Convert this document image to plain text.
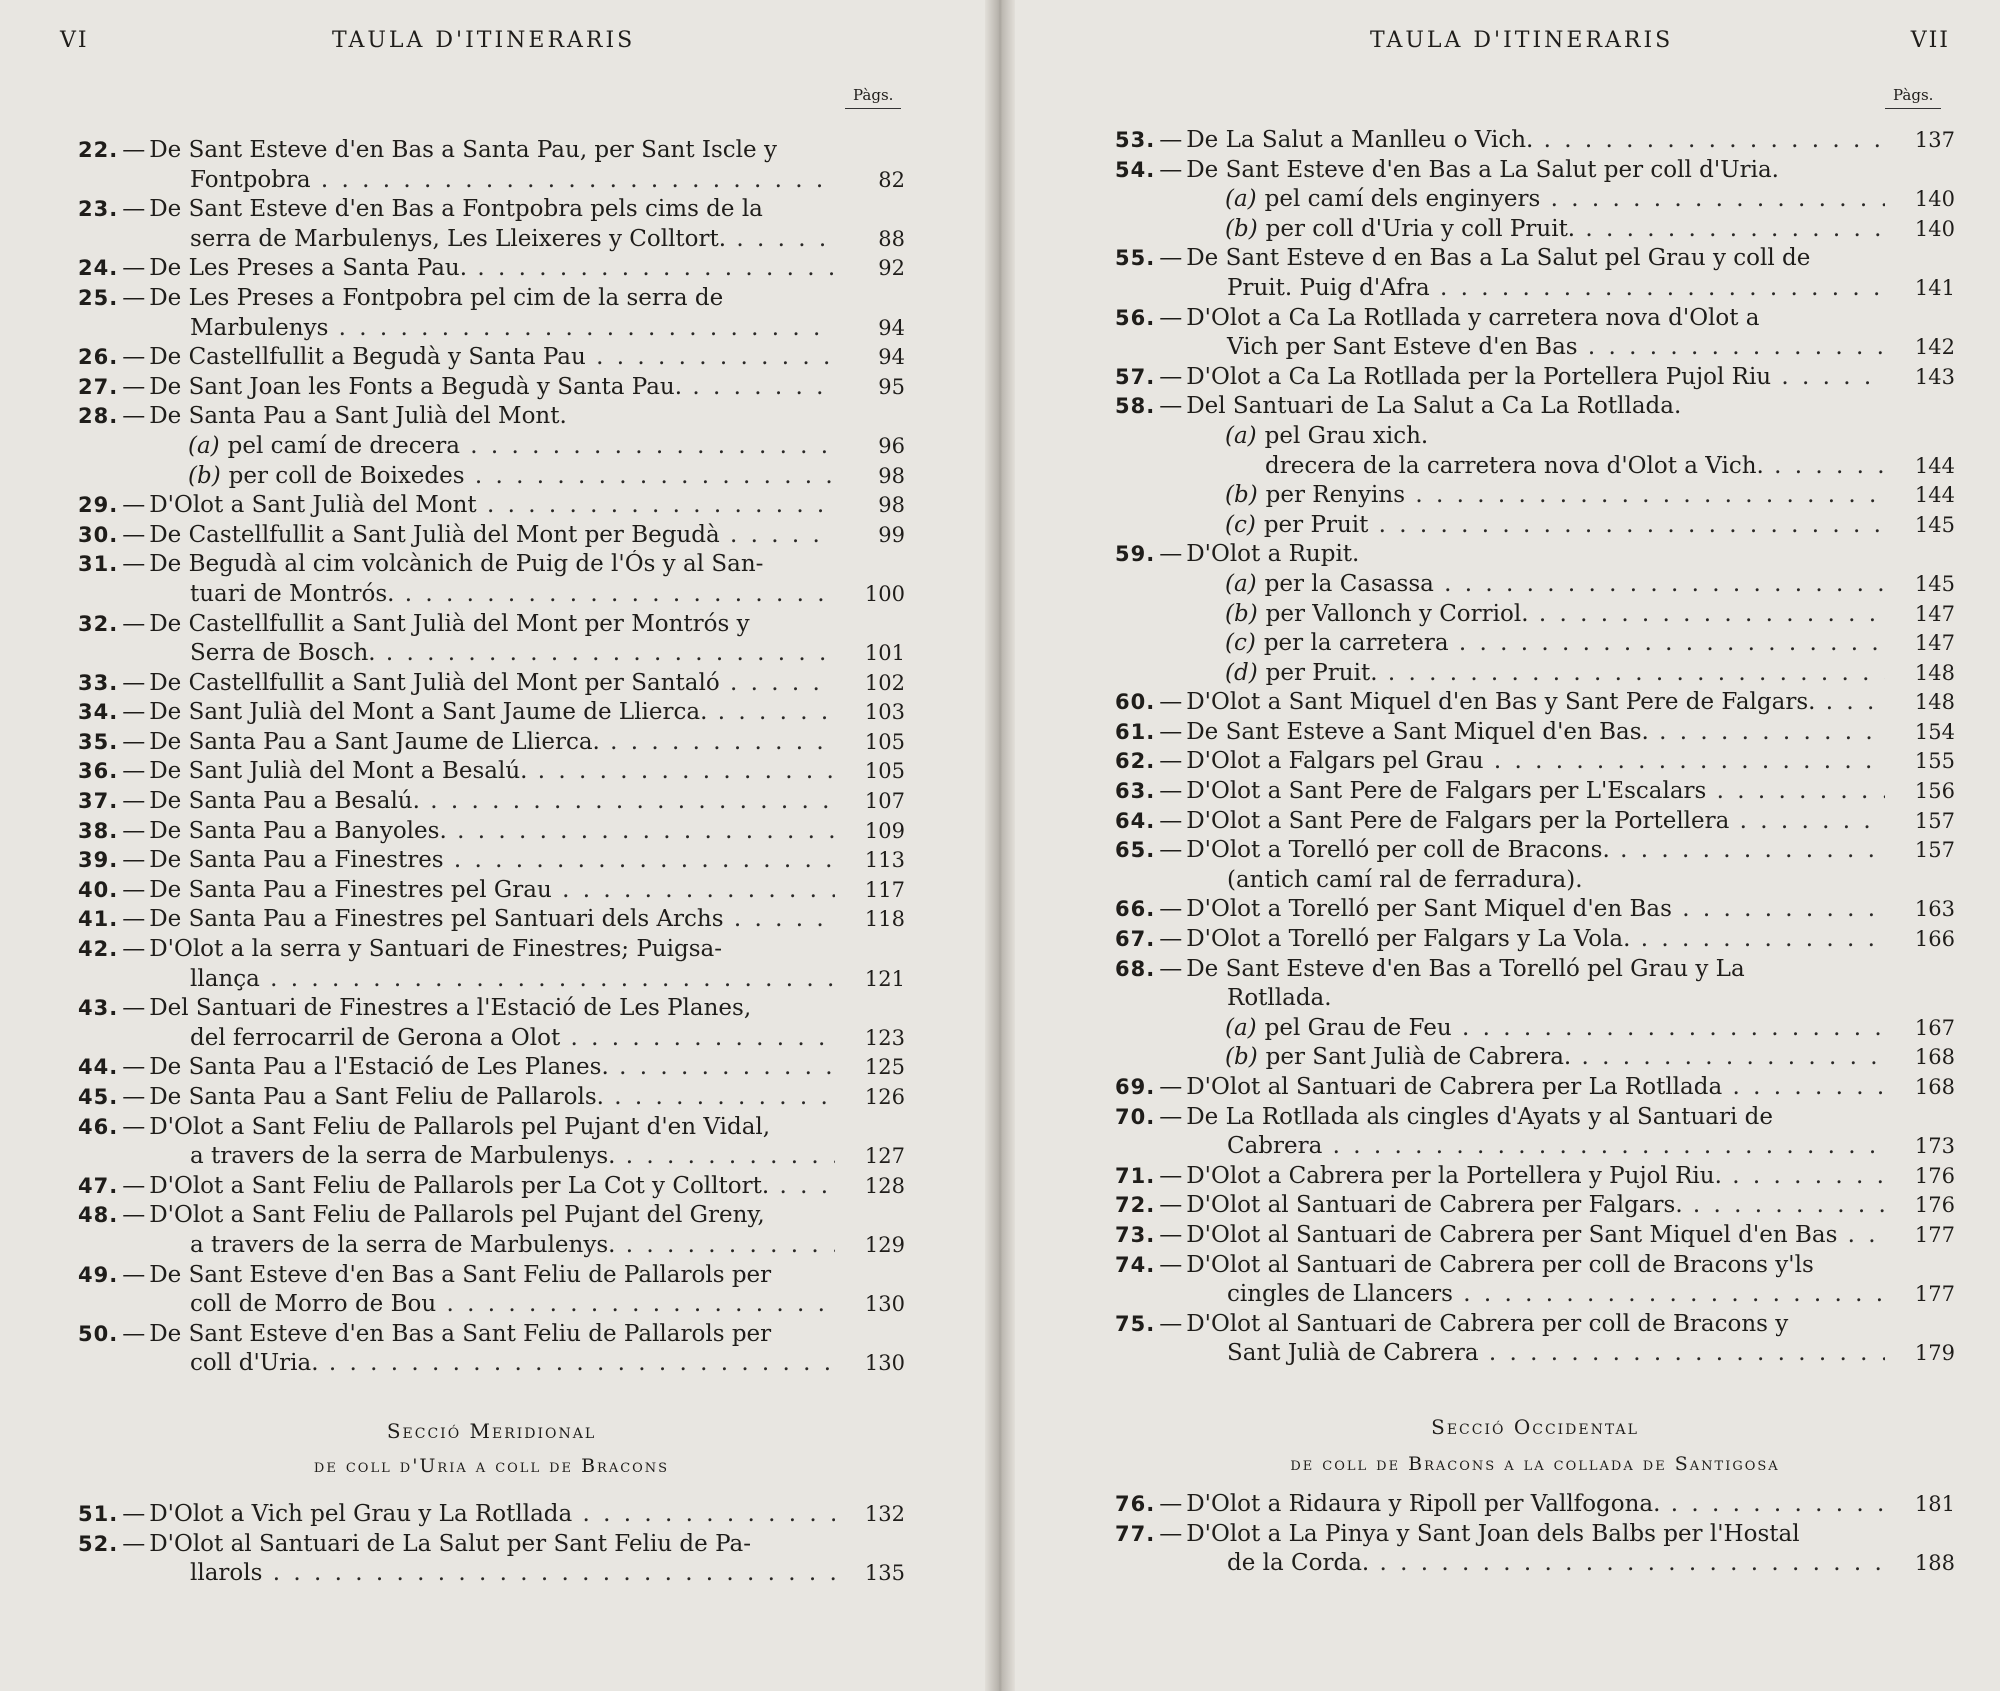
VI	TAULA D'ITINERARIS
Pàgs.
22. — De Sant Esteve d'en Bas a Santa Pau, per Sant Iscle y
Fontpobra	82
. . .
23. — De Sant Esteve d'en Bas a Fontpobra pels cims de la
serra de Marbulenys, Les Lleixeres y Colltort.	88
. . .
24. — De Les Preses a Santa Pau.	92
. . .
25. — De Les Preses a Fontpobra pel cim de la serra de
Marbulenys	94
. . .
26. — De Castellfullit a Begudà y Santa Pau	94
. . .
27. — De Sant Joan les Fonts a Begudà y Santa Pau.	95
. . .
28. — De Santa Pau a Sant Julià del Mont.
(a) pel camí de drecera	96
. . .
(b) per coll de Boixedes	98
. . .
29. — D'Olot a Sant Julià del Mont	98
. . .
30. — De Castellfullit a Sant Julià del Mont per Begudà	99
. . .
31. — De Begudà al cim volcànich de Puig de l'Ós y al San-
tuari de Montrós.	100
. . .
32. — De Castellfullit a Sant Julià del Mont per Montrós y
Serra de Bosch.	101
. . .
33. — De Castellfullit a Sant Julià del Mont per Santaló	102
. . .
34. — De Sant Julià del Mont a Sant Jaume de Llierca.	103
. . .
35. — De Santa Pau a Sant Jaume de Llierca.	105
. . .
36. — De Sant Julià del Mont a Besalú.	105
. . .
37. — De Santa Pau a Besalú.	107
. . .
38. — De Santa Pau a Banyoles.	109
. . .
39. — De Santa Pau a Finestres	113
. . .
40. — De Santa Pau a Finestres pel Grau	117
. . .
41. — De Santa Pau a Finestres pel Santuari dels Archs	118
. . .
42. — D'Olot a la serra y Santuari de Finestres; Puigsa-
llança	121
. . .
43. — Del Santuari de Finestres a l'Estació de Les Planes,
del ferrocarril de Gerona a Olot	123
. . .
44. — De Santa Pau a l'Estació de Les Planes.	125
. . .
45. — De Santa Pau a Sant Feliu de Pallarols.	126
. . .
46. — D'Olot a Sant Feliu de Pallarols pel Pujant d'en Vidal,
a travers de la serra de Marbulenys.	127
. . .
47. — D'Olot a Sant Feliu de Pallarols per La Cot y Colltort.	128
. . .
48. — D'Olot a Sant Feliu de Pallarols pel Pujant del Greny,
a travers de la serra de Marbulenys.	129
. . .
49. — De Sant Esteve d'en Bas a Sant Feliu de Pallarols per
coll de Morro de Bou	130
. . .
50. — De Sant Esteve d'en Bas a Sant Feliu de Pallarols per
coll d'Uria.	130
. . .
Secció Meridional
de coll d'Uria a coll de Bracons
51. — D'Olot a Vich pel Grau y La Rotllada	132
. . .
52. — D'Olot al Santuari de La Salut per Sant Feliu de Pa-
llarols	135
. . .
TAULA D'ITINERARIS	VII
Pàgs.
53. — De La Salut a Manlleu o Vich.	137
. . .
54. — De Sant Esteve d'en Bas a La Salut per coll d'Uria.
(a) pel camí dels enginyers	140
. . .
(b) per coll d'Uria y coll Pruit.	140
. . .
55. — De Sant Esteve d en Bas a La Salut pel Grau y coll de
Pruit. Puig d'Afra	141
. . .
56. — D'Olot a Ca La Rotllada y carretera nova d'Olot a
Vich per Sant Esteve d'en Bas	142
. . .
57. — D'Olot a Ca La Rotllada per la Portellera Pujol Riu	143
. . .
58. — Del Santuari de La Salut a Ca La Rotllada.
(a) pel Grau xich.
drecera de la carretera nova d'Olot a Vich.	144
. . .
(b) per Renyins	144
. . .
(c) per Pruit	145
. . .
59. — D'Olot a Rupit.
(a) per la Casassa	145
. . .
(b) per Vallonch y Corriol.	147
. . .
(c) per la carretera	147
. . .
(d) per Pruit.	148
. . .
60. — D'Olot a Sant Miquel d'en Bas y Sant Pere de Falgars.	148
. . .
61. — De Sant Esteve a Sant Miquel d'en Bas.	154
. . .
62. — D'Olot a Falgars pel Grau	155
. . .
63. — D'Olot a Sant Pere de Falgars per L'Escalars	156
. . .
64. — D'Olot a Sant Pere de Falgars per la Portellera	157
. . .
65. — D'Olot a Torelló per coll de Bracons.	157
. . .
(antich camí ral de ferradura).
66. — D'Olot a Torelló per Sant Miquel d'en Bas	163
. . .
67. — D'Olot a Torelló per Falgars y La Vola.	166
. . .
68. — De Sant Esteve d'en Bas a Torelló pel Grau y La
Rotllada.
(a) pel Grau de Feu	167
. . .
(b) per Sant Julià de Cabrera.	168
. . .
69. — D'Olot al Santuari de Cabrera per La Rotllada	168
. . .
70. — De La Rotllada als cingles d'Ayats y al Santuari de
Cabrera	173
. . .
71. — D'Olot a Cabrera per la Portellera y Pujol Riu.	176
. . .
72. — D'Olot al Santuari de Cabrera per Falgars.	176
. . .
73. — D'Olot al Santuari de Cabrera per Sant Miquel d'en Bas	177
. . .
74. — D'Olot al Santuari de Cabrera per coll de Bracons y'ls
cingles de Llancers	177
. . .
75. — D'Olot al Santuari de Cabrera per coll de Bracons y
Sant Julià de Cabrera	179
. . .
Secció Occidental
de coll de Bracons a la collada de Santigosa
76. — D'Olot a Ridaura y Ripoll per Vallfogona.	181
. . .
77. — D'Olot a La Pinya y Sant Joan dels Balbs per l'Hostal
de la Corda.	188
. . .
